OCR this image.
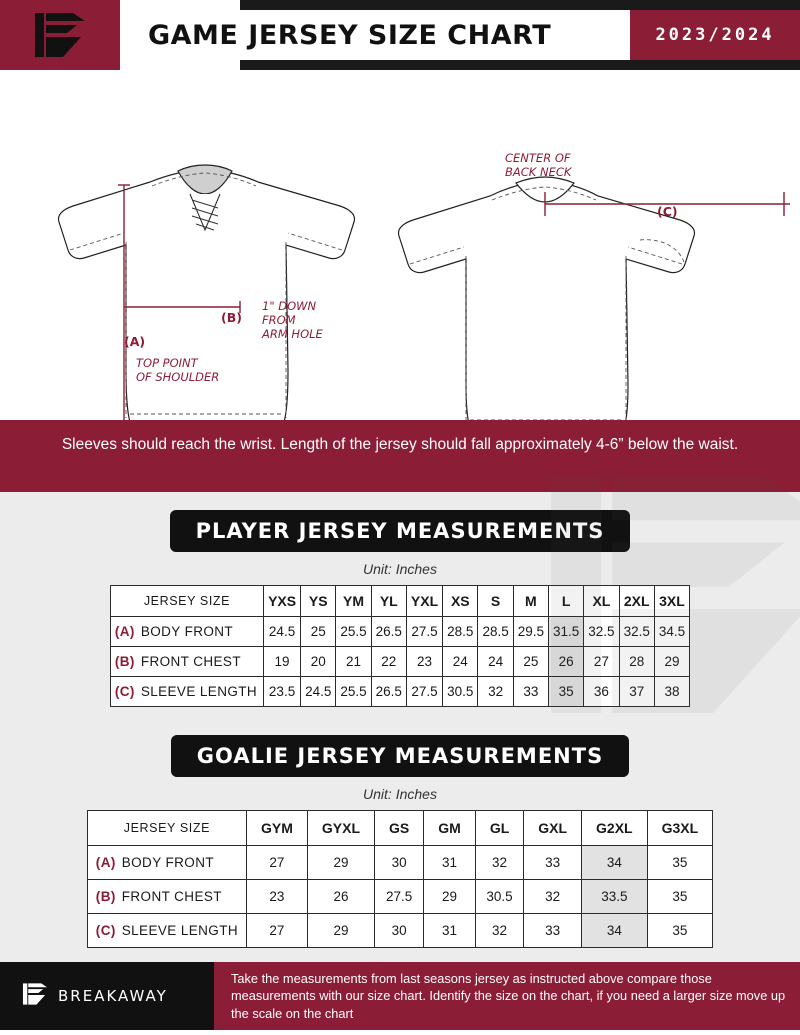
GAME JERSEY SIZE CHART	2023/2024
(A)
TOP POINT
OF SHOULDER
(B)
1" DOWN
FROM
ARM HOLE
CENTER OF
BACK NECK
(C)
Sleeves should reach the wrist. Length of the jersey should fall approximately 4-6” below the waist.
PLAYER JERSEY MEASUREMENTS
Unit: Inches
JERSEY SIZE	YXS	YS	YM	YL	YXL	XS	S	M	L	XL	2XL	3XL
(A) BODY FRONT	24.5	25	25.5	26.5	27.5	28.5	28.5	29.5	31.5	32.5	32.5	34.5
(B) FRONT CHEST	19	20	21	22	23	24	24	25	26	27	28	29
(C) SLEEVE LENGTH	23.5	24.5	25.5	26.5	27.5	30.5	32	33	35	36	37	38
GOALIE JERSEY MEASUREMENTS
Unit: Inches
JERSEY SIZE	GYM	GYXL	GS	GM	GL	GXL	G2XL	G3XL
(A) BODY FRONT	27	29	30	31	32	33	34	35
(B) FRONT CHEST	23	26	27.5	29	30.5	32	33.5	35
(C) SLEEVE LENGTH	27	29	30	31	32	33	34	35
BREAKAWAY
Take the measurements from last seasons jersey as instructed above compare those measurements with our size chart. Identify the size on the chart, if you need a larger size move up the scale on the chart
